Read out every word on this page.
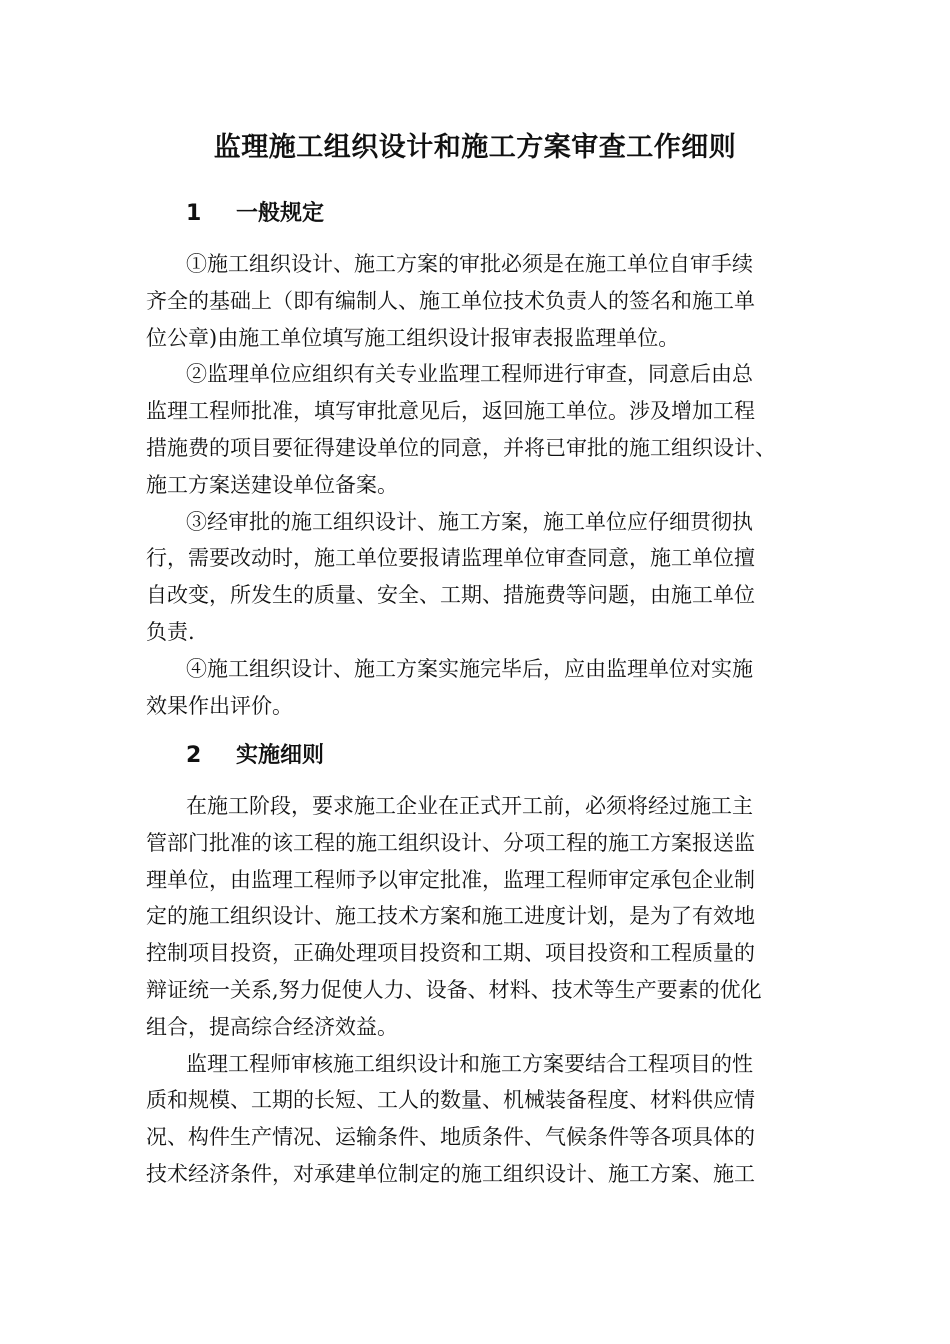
监理施工组织设计和施工方案审查工作细则
1 一般规定
①施工组织设计、施工方案的审批必须是在施工单位自审手续
齐全的基础上（即有编制人、施工单位技术负责人的签名和施工单
位公章)由施工单位填写施工组织设计报审表报监理单位。
②监理单位应组织有关专业监理工程师进行审查，同意后由总
监理工程师批准，填写审批意见后，返回施工单位。涉及增加工程
措施费的项目要征得建设单位的同意，并将已审批的施工组织设计、
施工方案送建设单位备案。
③经审批的施工组织设计、施工方案，施工单位应仔细贯彻执
行，需要改动时，施工单位要报请监理单位审查同意，施工单位擅
自改变，所发生的质量、安全、工期、措施费等问题，由施工单位
负责.
④施工组织设计、施工方案实施完毕后，应由监理单位对实施
效果作出评价。
2 实施细则
在施工阶段，要求施工企业在正式开工前，必须将经过施工主
管部门批准的该工程的施工组织设计、分项工程的施工方案报送监
理单位，由监理工程师予以审定批准，监理工程师审定承包企业制
定的施工组织设计、施工技术方案和施工进度计划，是为了有效地
控制项目投资，正确处理项目投资和工期、项目投资和工程质量的
辩证统一关系,努力促使人力、设备、材料、技术等生产要素的优化
组合，提高综合经济效益。
监理工程师审核施工组织设计和施工方案要结合工程项目的性
质和规模、工期的长短、工人的数量、机械装备程度、材料供应情
况、构件生产情况、运输条件、地质条件、气候条件等各项具体的
技术经济条件，对承建单位制定的施工组织设计、施工方案、施工
